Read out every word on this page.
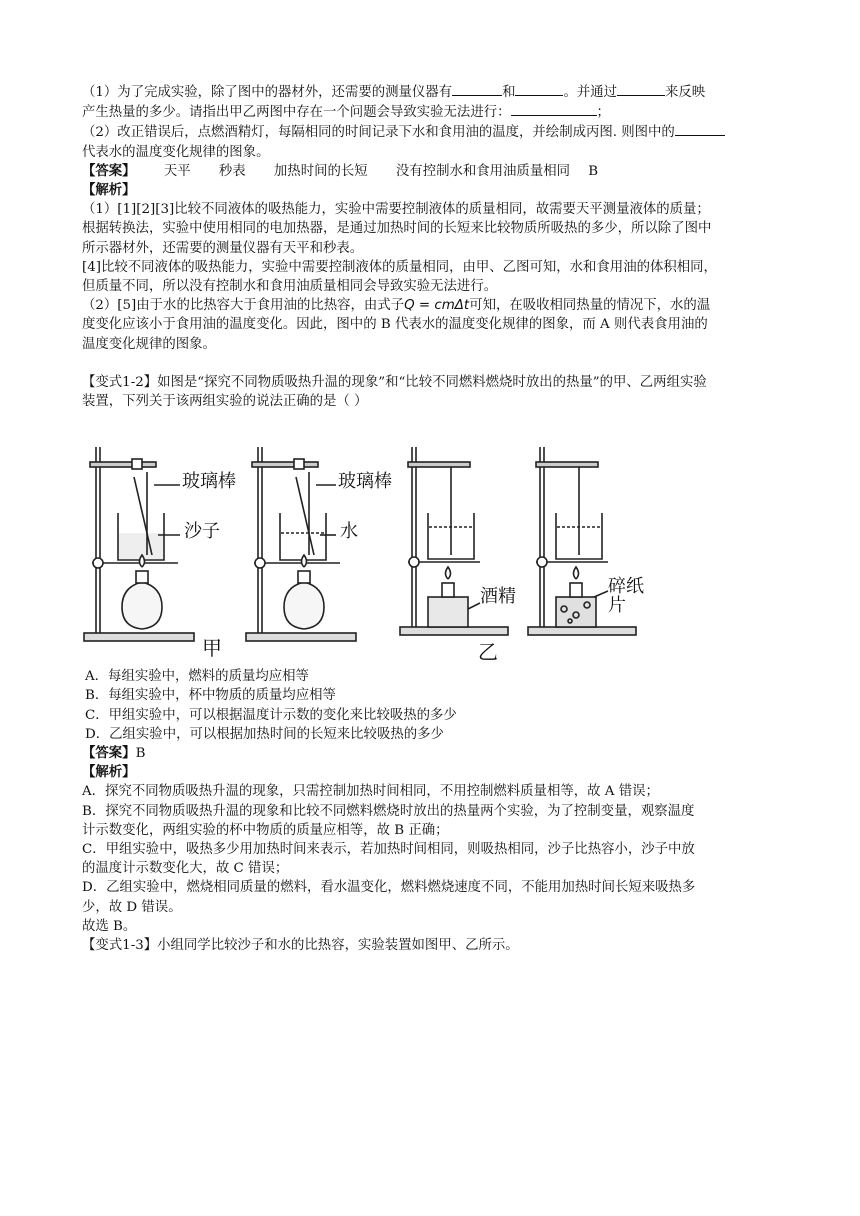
（1）为了完成实验，除了图中的器材外，还需要的测量仪器有	和	。并通过	来反映

产生热量的多少。请指出甲乙两图中存在一个问题会导致实验无法进行：	；

（2）改正错误后，点燃酒精灯，每隔相同的时间记录下水和食用油的温度，并绘制成丙图. 则图中的

代表水的温度变化规律的图象。

【答案】 天平 秒表 加热时间的长短 没有控制水和食用油质量相同 B

【解析】

（1）[1][2][3]比较不同液体的吸热能力，实验中需要控制液体的质量相同，故需要天平测量液体的质量；

根据转换法，实验中使用相同的电加热器，是通过加热时间的长短来比较物质所吸热的多少，所以除了图中

所示器材外，还需要的测量仪器有天平和秒表。

[4]比较不同液体的吸热能力，实验中需要控制液体的质量相同，由甲、乙图可知，水和食用油的体积相同，

但质量不同，所以没有控制水和食用油质量相同会导致实验无法进行。

（2）[5]由于水的比热容大于食用油的比热容，由式子Q = cmΔt可知，在吸收相同热量的情况下，水的温

度变化应该小于食用油的温度变化。因此，图中的 B 代表水的温度变化规律的图象，而 A 则代表食用油的

温度变化规律的图象。

【变式1-2】如图是“探究不同物质吸热升温的现象”和“比较不同燃料燃烧时放出的热量”的甲、乙两组实验

装置，下列关于该两组实验的说法正确的是（ ）

玻璃棒
沙子
玻璃棒
水
酒精	碎纸片
甲	乙

A．每组实验中，燃料的质量均应相等

B．每组实验中，杯中物质的质量均应相等

C．甲组实验中，可以根据温度计示数的变化来比较吸热的多少

D．乙组实验中，可以根据加热时间的长短来比较吸热的多少

【答案】B

【解析】

A．探究不同物质吸热升温的现象，只需控制加热时间相同，不用控制燃料质量相等，故 A 错误；

B．探究不同物质吸热升温的现象和比较不同燃料燃烧时放出的热量两个实验，为了控制变量，观察温度

计示数变化，两组实验的杯中物质的质量应相等，故 B 正确；

C．甲组实验中，吸热多少用加热时间来表示，若加热时间相同，则吸热相同，沙子比热容小，沙子中放

的温度计示数变化大，故 C 错误；

D．乙组实验中，燃烧相同质量的燃料，看水温变化，燃料燃烧速度不同，不能用加热时间长短来吸热多

少，故 D 错误。

故选 B。

【变式1-3】小组同学比较沙子和水的比热容，实验装置如图甲、乙所示。
